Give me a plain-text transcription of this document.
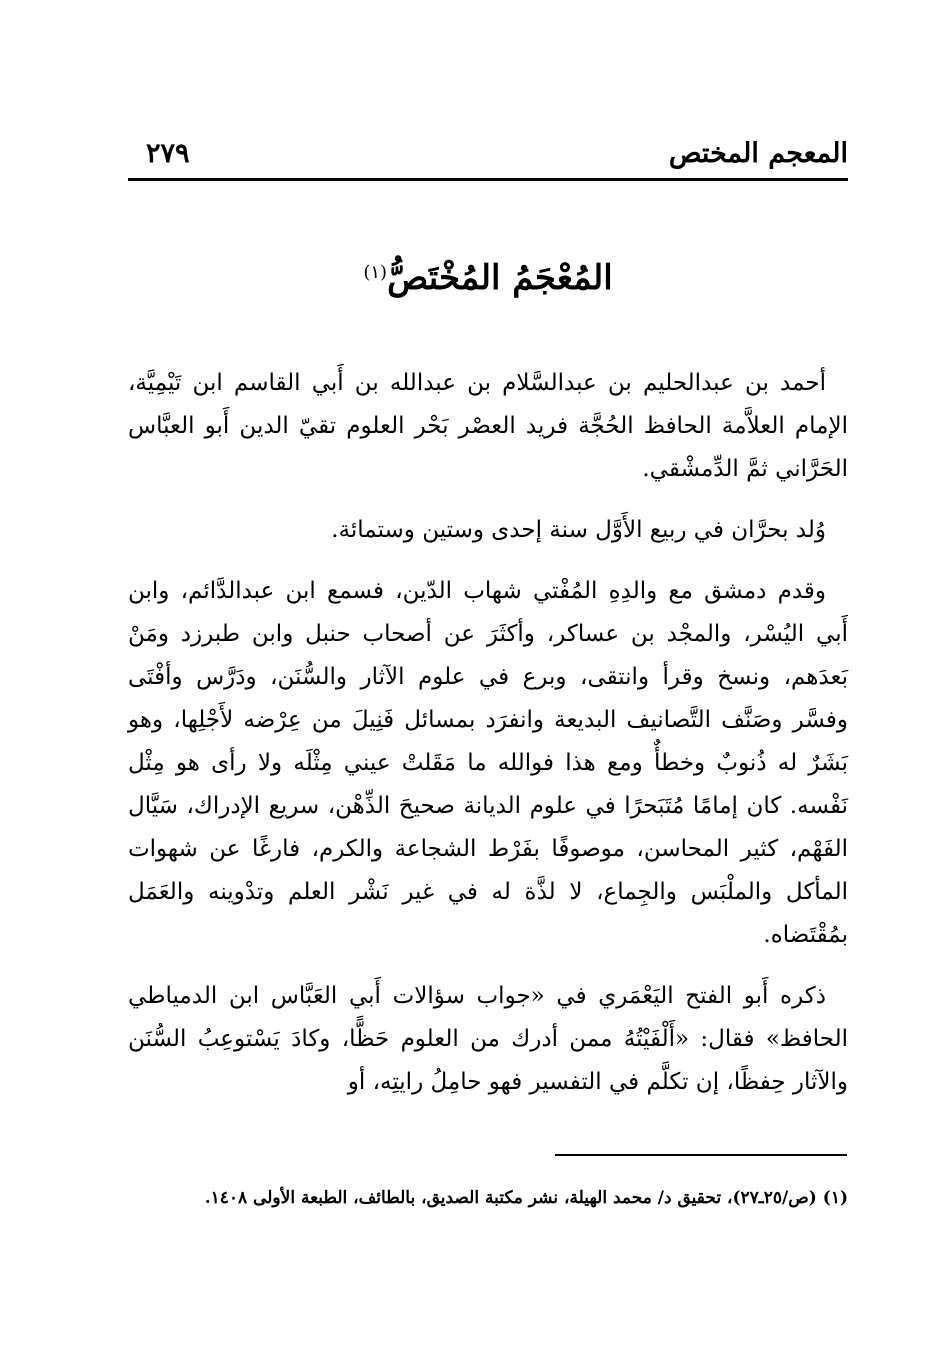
المعجم المختص
٢٧٩
المُعْجَمُ المُخْتَصُّ$^{(١)}$

أحمد بن عبدالحليم بن عبدالسَّلام بن عبدالله بن أَبي القاسم ابن تَيْمِيَّة، الإمام العلاَّمة الحافظ الحُجَّة فريد العصْر بَحْر العلوم تقيّ الدين أَبو العبَّاس الحَرَّاني ثمَّ الدِّمشْقي.

وُلد بحرَّان في ربيع الأَوَّل سنة إحدى وستين وستمائة.

وقدم دمشق مع والدِهِ المُفْتي شهاب الدّين، فسمع ابن عبدالدَّائم، وابن أَبي اليُسْر، والمجْد بن عساكر، وأكثَرَ عن أصحاب حنبل وابن طبرزد ومَنْ بَعدَهم، ونسخ وقرأ وانتقى، وبرع في علوم الآثار والسُّنَن، ودَرَّس وأفْتَى وفسَّر وصَنَّف التَّصانيف البديعة وانفرَد بمسائل فَنِيلَ من عِرْضه لأَجْلِها، وهو بَشَرٌ له ذُنوبٌ وخطأٌ ومع هذا فوالله ما مَقَلتْ عيني مِثْلَه ولا رأى هو مِثْل نَفْسه. كان إمامًا مُتَبَحرًا في علوم الديانة صحيحَ الذِّهْن، سريع الإدراك، سَيَّال الفَهْم، كثير المحاسن، موصوفًا بفَرْط الشجاعة والكرم، فارغًا عن شهوات المأكل والملْبَس والجِماع، لا لذَّة له في غير نَشْر العلم وتدْوينه والعَمَل بمُقْتَضاه.

ذكره أَبو الفتح اليَعْمَري في «جواب سؤالات أَبي العَبَّاس ابن الدمياطي الحافظ» فقال: «أَلْفَيْتُهُ ممن أدرك من العلوم حَظًّا، وكادَ يَسْتوعِبُ السُّنَن والآثار حِفظًا، إن تكلَّم في التفسير فهو حامِلُ رايتِه، أو

(١) (ص/٢٥ـ٢٧)، تحقيق د/ محمد الهيلة، نشر مكتبة الصديق، بالطائف، الطبعة الأولى ١٤٠٨.
